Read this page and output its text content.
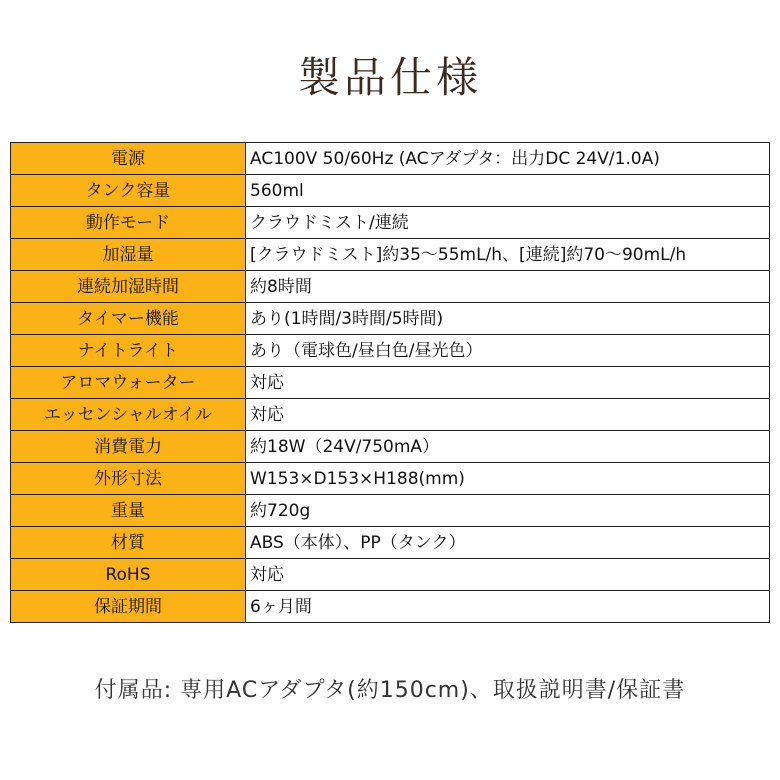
製品仕様
電源	AC100V 50/60Hz (ACアダプタ：出力DC 24V/1.0A)
タンク容量	560ml
動作モード	クラウドミスト/連続
加湿量	[クラウドミスト]約35～55mL/h、[連続]約70～90mL/h
連続加湿時間	約8時間
タイマー機能	あり(1時間/3時間/5時間)
ナイトライト	あり（電球色/昼白色/昼光色）
アロマウォーター	対応
エッセンシャルオイル	対応
消費電力	約18W（24V/750mA）
外形寸法	W153×D153×H188(mm)
重量	約720g
材質	ABS（本体）、PP（タンク）
RoHS	対応
保証期間	6ヶ月間

付属品: 専用ACアダプタ(約150cm)、取扱説明書/保証書
